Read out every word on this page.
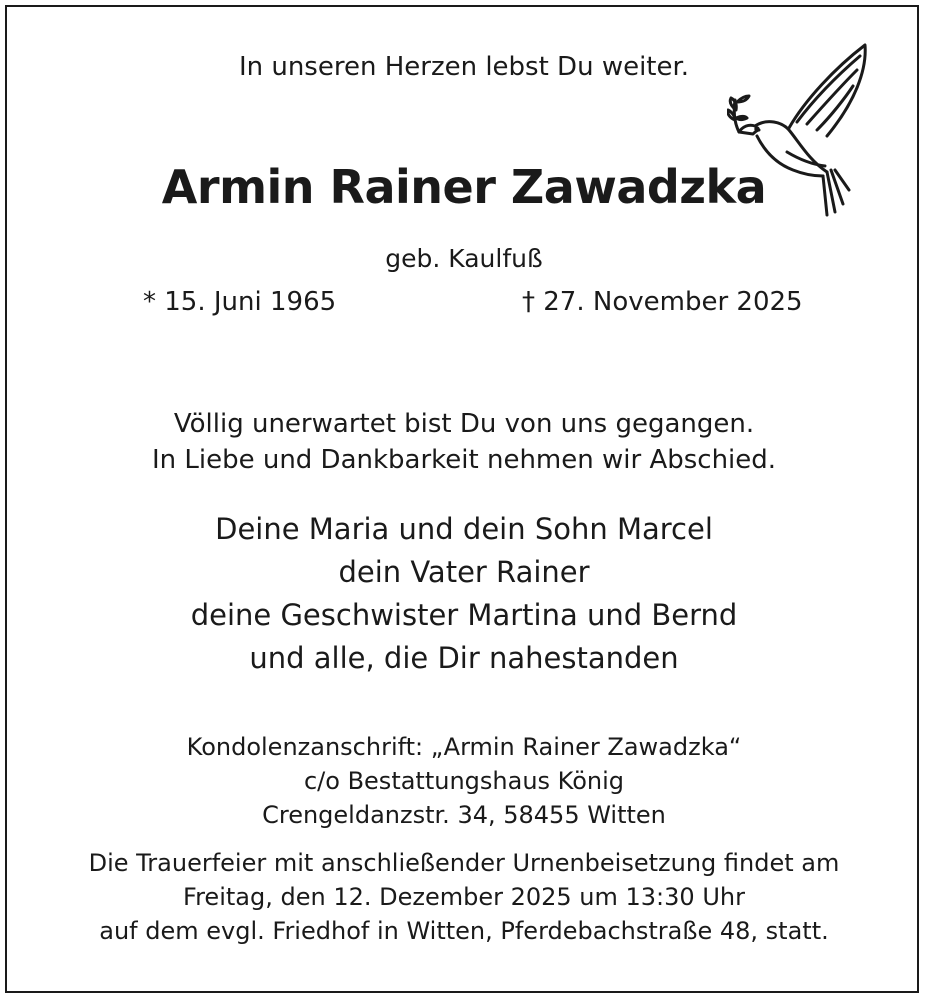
In unseren Herzen lebst Du weiter.
Armin Rainer Zawadzka
geb. Kaulfuß
* 15. Juni 1965	† 27. November 2025
Völlig unerwartet bist Du von uns gegangen.
In Liebe und Dankbarkeit nehmen wir Abschied.
Deine Maria und dein Sohn Marcel
dein Vater Rainer
deine Geschwister Martina und Bernd
und alle, die Dir nahestanden
Kondolenzanschrift: „Armin Rainer Zawadzka“
c/o Bestattungshaus König
Crengeldanzstr. 34, 58455 Witten
Die Trauerfeier mit anschließender Urnenbeisetzung findet am
Freitag, den 12. Dezember 2025 um 13:30 Uhr
auf dem evgl. Friedhof in Witten, Pferdebachstraße 48, statt.
